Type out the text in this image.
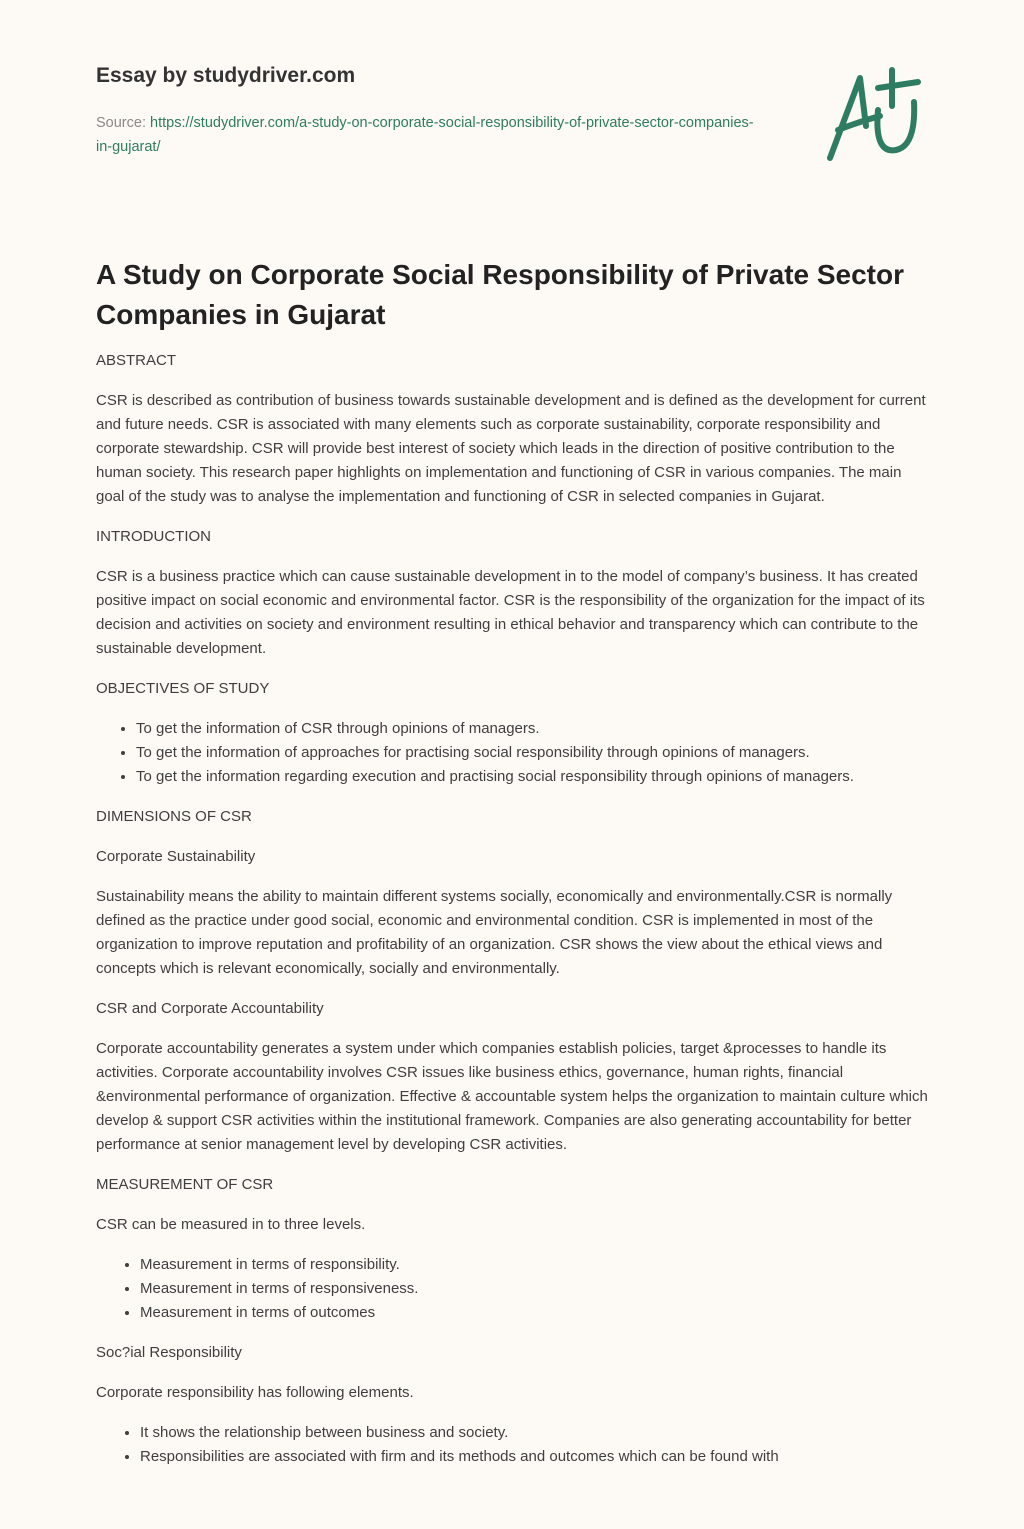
Essay by studydriver.com
Source: https://studydriver.com/a-study-on-corporate-social-responsibility-of-private-sector-companies-in-gujarat/
A Study on Corporate Social Responsibility of Private Sector Companies in Gujarat

ABSTRACT

CSR is described as contribution of business towards sustainable development and is defined as the development for current and future needs. CSR is associated with many elements such as corporate sustainability, corporate responsibility and corporate stewardship. CSR will provide best interest of society which leads in the direction of positive contribution to the human society. This research paper highlights on implementation and functioning of CSR in various companies. The main goal of the study was to analyse the implementation and functioning of CSR in selected companies in Gujarat.

INTRODUCTION

CSR is a business practice which can cause sustainable development in to the model of company’s business. It has created positive impact on social economic and environmental factor. CSR is the responsibility of the organization for the impact of its decision and activities on society and environment resulting in ethical behavior and transparency which can contribute to the sustainable development.

OBJECTIVES OF STUDY

• To get the information of CSR through opinions of managers.
• To get the information of approaches for practising social responsibility through opinions of managers.
• To get the information regarding execution and practising social responsibility through opinions of managers.

DIMENSIONS OF CSR

Corporate Sustainability

Sustainability means the ability to maintain different systems socially, economically and environmentally.CSR is normally defined as the practice under good social, economic and environmental condition. CSR is implemented in most of the organization to improve reputation and profitability of an organization. CSR shows the view about the ethical views and concepts which is relevant economically, socially and environmentally.

CSR and Corporate Accountability

Corporate accountability generates a system under which companies establish policies, target &processes to handle its activities. Corporate accountability involves CSR issues like business ethics, governance, human rights, financial &environmental performance of organization. Effective & accountable system helps the organization to maintain culture which develop & support CSR activities within the institutional framework. Companies are also generating accountability for better performance at senior management level by developing CSR activities.

MEASUREMENT OF CSR

CSR can be measured in to three levels.

• Measurement in terms of responsibility.
• Measurement in terms of responsiveness.
• Measurement in terms of outcomes

Soc?ial Responsibility

Corporate responsibility has following elements.

• It shows the relationship between business and society.
• Responsibilities are associated with firm and its methods and outcomes which can be found with
